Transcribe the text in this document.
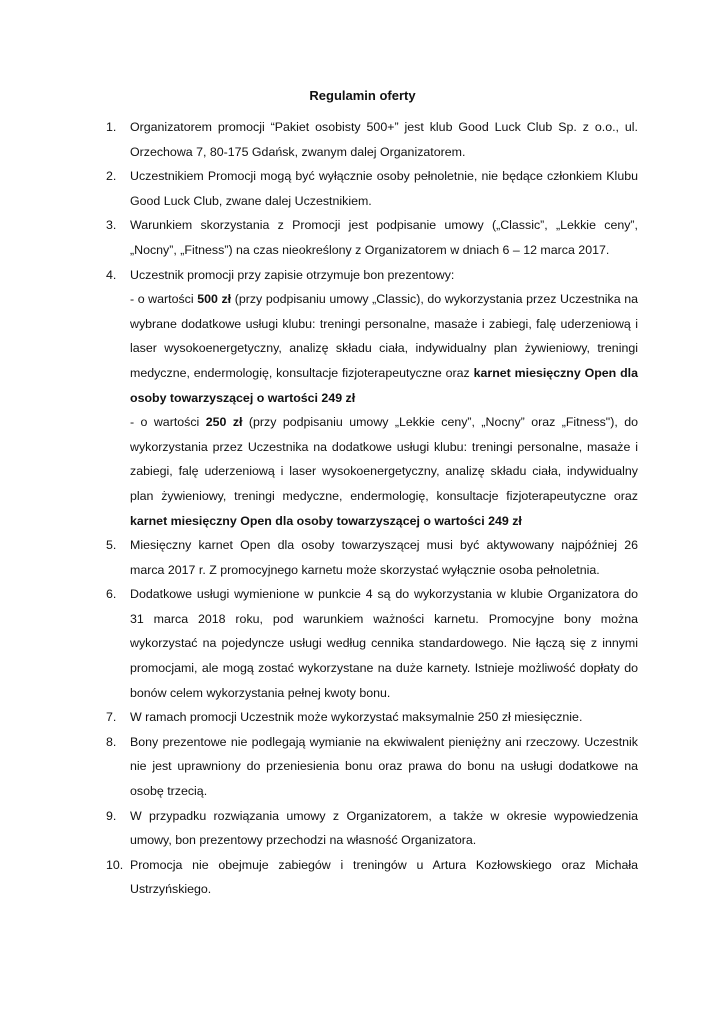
Regulamin oferty
1. Organizatorem promocji “Pakiet osobisty 500+” jest klub Good Luck Club Sp. z o.o., ul. Orzechowa 7, 80-175 Gdańsk, zwanym dalej Organizatorem.
2. Uczestnikiem Promocji mogą być wyłącznie osoby pełnoletnie, nie będące członkiem Klubu Good Luck Club, zwane dalej Uczestnikiem.
3. Warunkiem skorzystania z Promocji jest podpisanie umowy („Classic”, „Lekkie ceny”, „Nocny”, „Fitness”) na czas nieokreślony z Organizatorem w dniach 6 – 12 marca 2017.
4. Uczestnik promocji przy zapisie otrzymuje bon prezentowy:
- o wartości 500 zł (przy podpisaniu umowy „Classic), do wykorzystania przez Uczestnika na wybrane dodatkowe usługi klubu: treningi personalne, masaże i zabiegi, falę uderzeniową i laser wysokoenergetyczny, analizę składu ciała, indywidualny plan żywieniowy, treningi medyczne, endermologię, konsultacje fizjoterapeutyczne oraz karnet miesięczny Open dla osoby towarzyszącej o wartości 249 zł
- o wartości 250 zł (przy podpisaniu umowy „Lekkie ceny”, „Nocny” oraz „Fitness"), do wykorzystania przez Uczestnika na dodatkowe usługi klubu: treningi personalne, masaże i zabiegi, falę uderzeniową i laser wysokoenergetyczny, analizę składu ciała, indywidualny plan żywieniowy, treningi medyczne, endermologię, konsultacje fizjoterapeutyczne oraz karnet miesięczny Open dla osoby towarzyszącej o wartości 249 zł
5. Miesięczny karnet Open dla osoby towarzyszącej musi być aktywowany najpóźniej 26 marca 2017 r. Z promocyjnego karnetu może skorzystać wyłącznie osoba pełnoletnia.
6. Dodatkowe usługi wymienione w punkcie 4 są do wykorzystania w klubie Organizatora do 31 marca 2018 roku, pod warunkiem ważności karnetu. Promocyjne bony można wykorzystać na pojedyncze usługi według cennika standardowego. Nie łączą się z innymi promocjami, ale mogą zostać wykorzystane na duże karnety. Istnieje możliwość dopłaty do bonów celem wykorzystania pełnej kwoty bonu.
7. W ramach promocji Uczestnik może wykorzystać maksymalnie 250 zł miesięcznie.
8. Bony prezentowe nie podlegają wymianie na ekwiwalent pieniężny ani rzeczowy. Uczestnik nie jest uprawniony do przeniesienia bonu oraz prawa do bonu na usługi dodatkowe na osobę trzecią.
9. W przypadku rozwiązania umowy z Organizatorem, a także w okresie wypowiedzenia umowy, bon prezentowy przechodzi na własność Organizatora.
10. Promocja nie obejmuje zabiegów i treningów u Artura Kozłowskiego oraz Michała Ustrzyńskiego.
